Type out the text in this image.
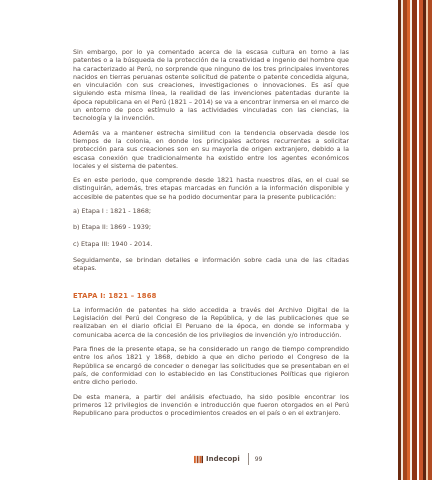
Sin embargo, por lo ya comentado acerca de la escasa cultura en torno a las patentes o a la búsqueda de la protección de la creatividad e ingenio del hombre que ha caracterizado al Perú, no sorprende que ninguno de los tres principales inventores nacidos en tierras peruanas ostente solicitud de patente o patente concedida alguna, en vinculación con sus creaciones, investigaciones o innovaciones. Es así que siguiendo esta misma línea, la realidad de las invenciones patentadas durante la época republicana en el Perú (1821 – 2014) se va a encontrar inmersa en el marco de un entorno de poco estímulo a las actividades vinculadas con las ciencias, la tecnología y la invención.

Además va a mantener estrecha similitud con la tendencia observada desde los tiempos de la colonia, en donde los principales actores recurrentes a solicitar protección para sus creaciones son en su mayoría de origen extranjero, debido a la escasa conexión que tradicionalmente ha existido entre los agentes económicos locales y el sistema de patentes.

Es en este periodo, que comprende desde 1821 hasta nuestros días, en el cual se distinguirán, además, tres etapas marcadas en función a la información disponible y accesible de patentes que se ha podido documentar para la presente publicación:

a) Etapa I : 1821 - 1868;
b) Etapa II: 1869 - 1939;
c) Etapa III: 1940 - 2014.

Seguidamente, se brindan detalles e información sobre cada una de las citadas etapas.

ETAPA I: 1821 – 1868

La información de patentes ha sido accedida a través del Archivo Digital de la Legislación del Perú del Congreso de la República, y de las publicaciones que se realizaban en el diario oficial El Peruano de la época, en donde se informaba y comunicaba acerca de la concesión de los privilegios de invención y/o introducción.

Para fines de la presente etapa, se ha considerado un rango de tiempo comprendido entre los años 1821 y 1868, debido a que en dicho periodo el Congreso de la República se encargó de conceder o denegar las solicitudes que se presentaban en el país, de conformidad con lo establecido en las Constituciones Políticas que rigieron entre dicho periodo.

De esta manera, a partir del análisis efectuado, ha sido posible encontrar los primeros 12 privilegios de invención e introducción que fueron otorgados en el Perú Republicano para productos o procedimientos creados en el país o en el extranjero.

Indecopi	99
